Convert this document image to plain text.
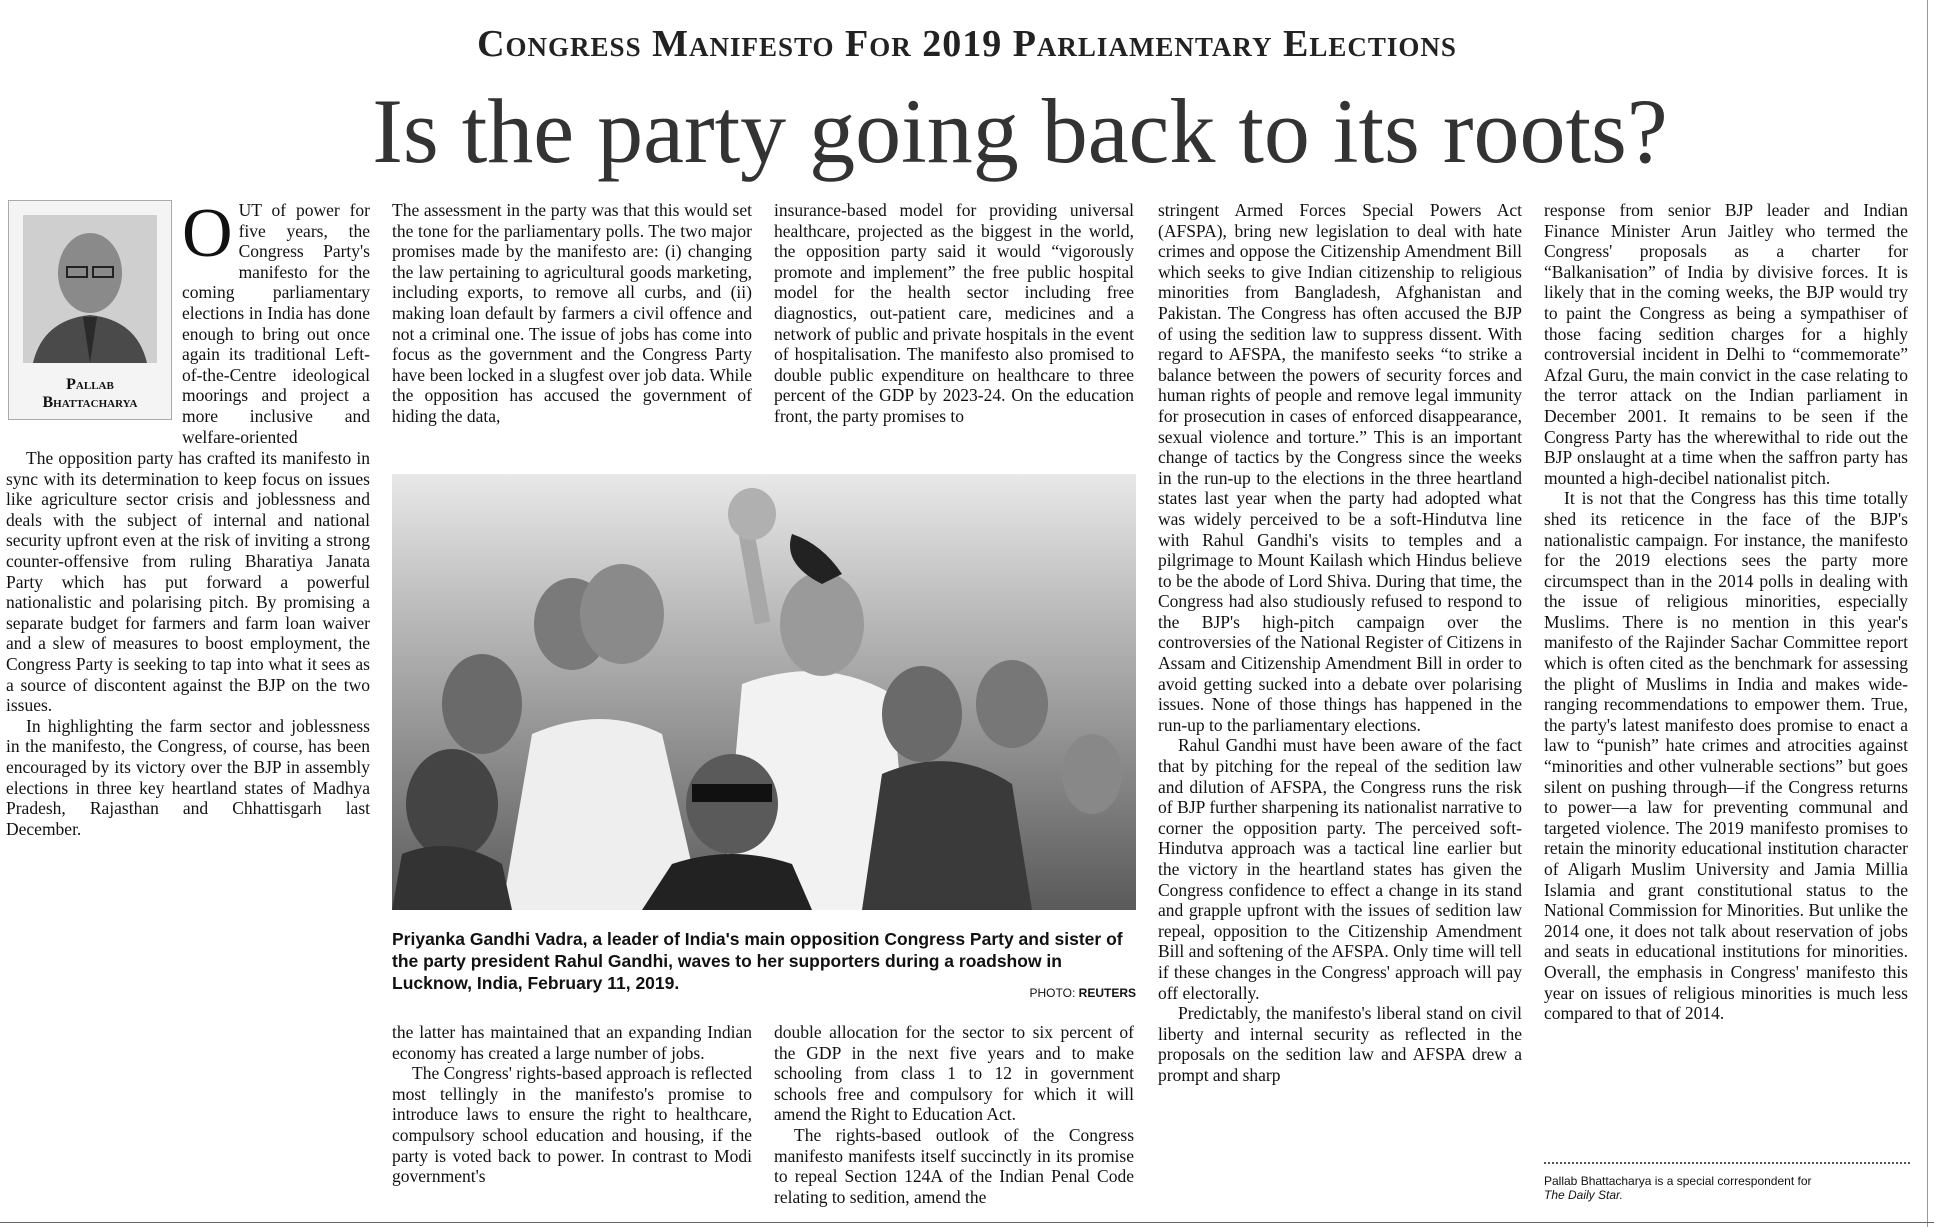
Congress Manifesto For 2019 Parliamentary Elections
Is the party going back to its roots?
Pallab
Bhattacharya
O UT of power for five years, the Congress Party's manifesto for the coming parliamentary elections in India has done enough to bring out once again its traditional Left-of-the-Centre ideological moorings and project a more inclusive and welfare-oriented

The opposition party has crafted its manifesto in sync with its determination to keep focus on issues like agriculture sector crisis and joblessness and deals with the subject of internal and national security upfront even at the risk of inviting a strong counter-offensive from ruling Bharatiya Janata Party which has put forward a powerful nationalistic and polarising pitch. By promising a separate budget for farmers and farm loan waiver and a slew of measures to boost employment, the Congress Party is seeking to tap into what it sees as a source of discontent against the BJP on the two issues.

In highlighting the farm sector and joblessness in the manifesto, the Congress, of course, has been encouraged by its victory over the BJP in assembly elections in three key heartland states of Madhya Pradesh, Rajasthan and Chhattisgarh last December.

The assessment in the party was that this would set the tone for the parliamentary polls. The two major promises made by the manifesto are: (i) changing the law pertaining to agricultural goods marketing, including exports, to remove all curbs, and (ii) making loan default by farmers a civil offence and not a criminal one. The issue of jobs has come into focus as the government and the Congress Party have been locked in a slugfest over job data. While the opposition has accused the government of hiding the data,

insurance-based model for providing universal healthcare, projected as the biggest in the world, the opposition party said it would “vigorously promote and implement” the free public hospital model for the health sector including free diagnostics, out-patient care, medicines and a network of public and private hospitals in the event of hospitalisation. The manifesto also promised to double public expenditure on healthcare to three percent of the GDP by 2023-24. On the education front, the party promises to

Priyanka Gandhi Vadra, a leader of India's main opposition Congress Party and sister of the party president Rahul Gandhi, waves to her supporters during a roadshow in Lucknow, India, February 11, 2019.	PHOTO: REUTERS

the latter has maintained that an expanding Indian economy has created a large number of jobs.

The Congress' rights-based approach is reflected most tellingly in the manifesto's promise to introduce laws to ensure the right to healthcare, compulsory school education and housing, if the party is voted back to power. In contrast to Modi government's

double allocation for the sector to six percent of the GDP in the next five years and to make schooling from class 1 to 12 in government schools free and compulsory for which it will amend the Right to Education Act.

The rights-based outlook of the Congress manifesto manifests itself succinctly in its promise to repeal Section 124A of the Indian Penal Code relating to sedition, amend the

stringent Armed Forces Special Powers Act (AFSPA), bring new legislation to deal with hate crimes and oppose the Citizenship Amendment Bill which seeks to give Indian citizenship to religious minorities from Bangladesh, Afghanistan and Pakistan. The Congress has often accused the BJP of using the sedition law to suppress dissent. With regard to AFSPA, the manifesto seeks “to strike a balance between the powers of security forces and human rights of people and remove legal immunity for prosecution in cases of enforced disappearance, sexual violence and torture.” This is an important change of tactics by the Congress since the weeks in the run-up to the elections in the three heartland states last year when the party had adopted what was widely perceived to be a soft-Hindutva line with Rahul Gandhi's visits to temples and a pilgrimage to Mount Kailash which Hindus believe to be the abode of Lord Shiva. During that time, the Congress had also studiously refused to respond to the BJP's high-pitch campaign over the controversies of the National Register of Citizens in Assam and Citizenship Amendment Bill in order to avoid getting sucked into a debate over polarising issues. None of those things has happened in the run-up to the parliamentary elections.

Rahul Gandhi must have been aware of the fact that by pitching for the repeal of the sedition law and dilution of AFSPA, the Congress runs the risk of BJP further sharpening its nationalist narrative to corner the opposition party. The perceived soft-Hindutva approach was a tactical line earlier but the victory in the heartland states has given the Congress confidence to effect a change in its stand and grapple upfront with the issues of sedition law repeal, opposition to the Citizenship Amendment Bill and softening of the AFSPA. Only time will tell if these changes in the Congress' approach will pay off electorally.

Predictably, the manifesto's liberal stand on civil liberty and internal security as reflected in the proposals on the sedition law and AFSPA drew a prompt and sharp

response from senior BJP leader and Indian Finance Minister Arun Jaitley who termed the Congress' proposals as a charter for “Balkanisation” of India by divisive forces. It is likely that in the coming weeks, the BJP would try to paint the Congress as being a sympathiser of those facing sedition charges for a highly controversial incident in Delhi to “commemorate” Afzal Guru, the main convict in the case relating to the terror attack on the Indian parliament in December 2001. It remains to be seen if the Congress Party has the wherewithal to ride out the BJP onslaught at a time when the saffron party has mounted a high-decibel nationalist pitch.

It is not that the Congress has this time totally shed its reticence in the face of the BJP's nationalistic campaign. For instance, the manifesto for the 2019 elections sees the party more circumspect than in the 2014 polls in dealing with the issue of religious minorities, especially Muslims. There is no mention in this year's manifesto of the Rajinder Sachar Committee report which is often cited as the benchmark for assessing the plight of Muslims in India and makes wide-ranging recommendations to empower them. True, the party's latest manifesto does promise to enact a law to “punish” hate crimes and atrocities against “minorities and other vulnerable sections” but goes silent on pushing through—if the Congress returns to power—a law for preventing communal and targeted violence. The 2019 manifesto promises to retain the minority educational institution character of Aligarh Muslim University and Jamia Millia Islamia and grant constitutional status to the National Commission for Minorities. But unlike the 2014 one, it does not talk about reservation of jobs and seats in educational institutions for minorities. Overall, the emphasis in Congress' manifesto this year on issues of religious minorities is much less compared to that of 2014.

Pallab Bhattacharya is a special correspondent for
The Daily Star.
